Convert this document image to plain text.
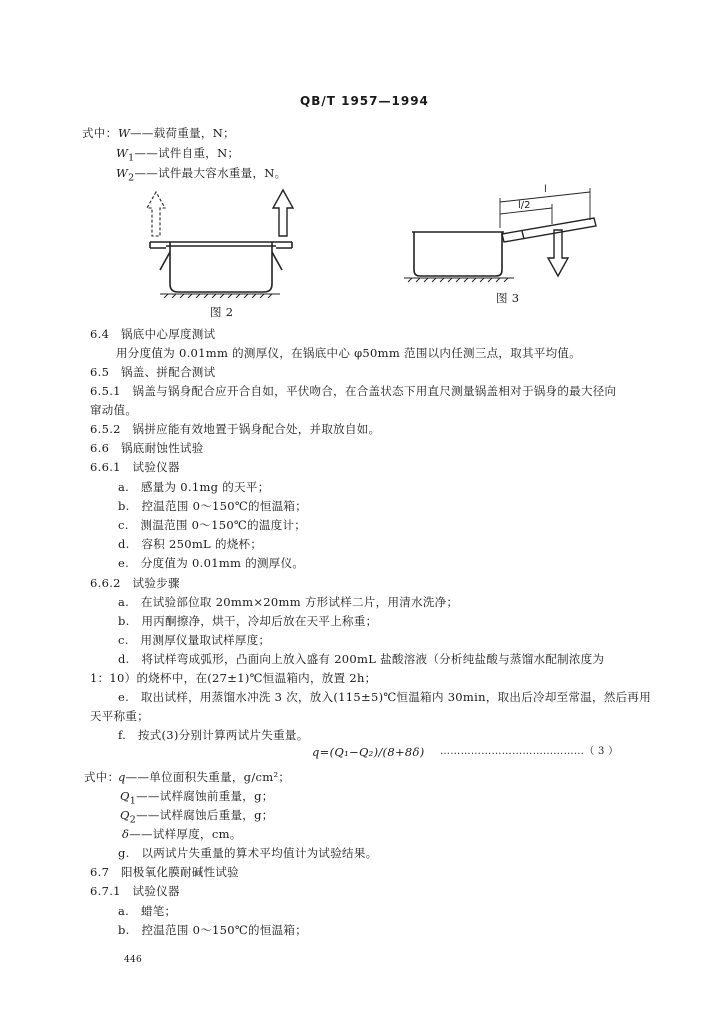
QB/T 1957—1994
式中： W——载荷重量，N；
$W_1——$试件自重，N；
$W_2——$试件最大容水重量，N。
图 2
l
l/2
图 3
6.4　锅底中心厚度测试
用分度值为 0.01mm 的测厚仪，在锅底中心 φ50mm 范围以内任测三点，取其平均值。
6.5　锅盖、拼配合测试
6.5.1　锅盖与锅身配合应开合自如，平伏吻合，在合盖状态下用直尺测量锅盖相对于锅身的最大径向
窜动值。
6.5.2　锅拼应能有效地置于锅身配合处，并取放自如。
6.6　锅底耐蚀性试验
6.6.1　试验仪器
a.　 感量为 0.1mg 的天平；
b.　 控温范围 0～150℃的恒温箱；
c.　 测温范围 0～150℃的温度计；
d.　 容积 250mL 的烧杯；
e.　 分度值为 0.01mm 的测厚仪。
6.6.2　试验步骤
a.　 在试验部位取 20mm×20mm 方形试样二片，用清水洗净；
b.　 用丙酮擦净，烘干，冷却后放在天平上称重；
c.　 用测厚仪量取试样厚度；
d.　 将试样弯成弧形，凸面向上放入盛有 200mL 盐酸溶液（分析纯盐酸与蒸馏水配制浓度为
1：10）的烧杯中，在(27±1)℃恒温箱内，放置 2h；
e.　 取出试样，用蒸馏水冲洗 3 次，放入(115±5)℃恒温箱内 30min，取出后冷却至常温，然后再用
天平称重；
f.　 按式(3)分别计算两试片失重量。
q=(Q₁−Q₂)/(8+8δ) ……………………………………（ 3 ）
式中：
q——单位面积失重量，g/cm²；
$Q_1——$试样腐蚀前重量，g；
$Q_2——$试样腐蚀后重量，g；
δ——试样厚度，cm。
g.　 以两试片失重量的算术平均值计为试验结果。
6.7　阳极氧化膜耐碱性试验
6.7.1　试验仪器
a.　 蜡笔；
b.　 控温范围 0～150℃的恒温箱；
446
